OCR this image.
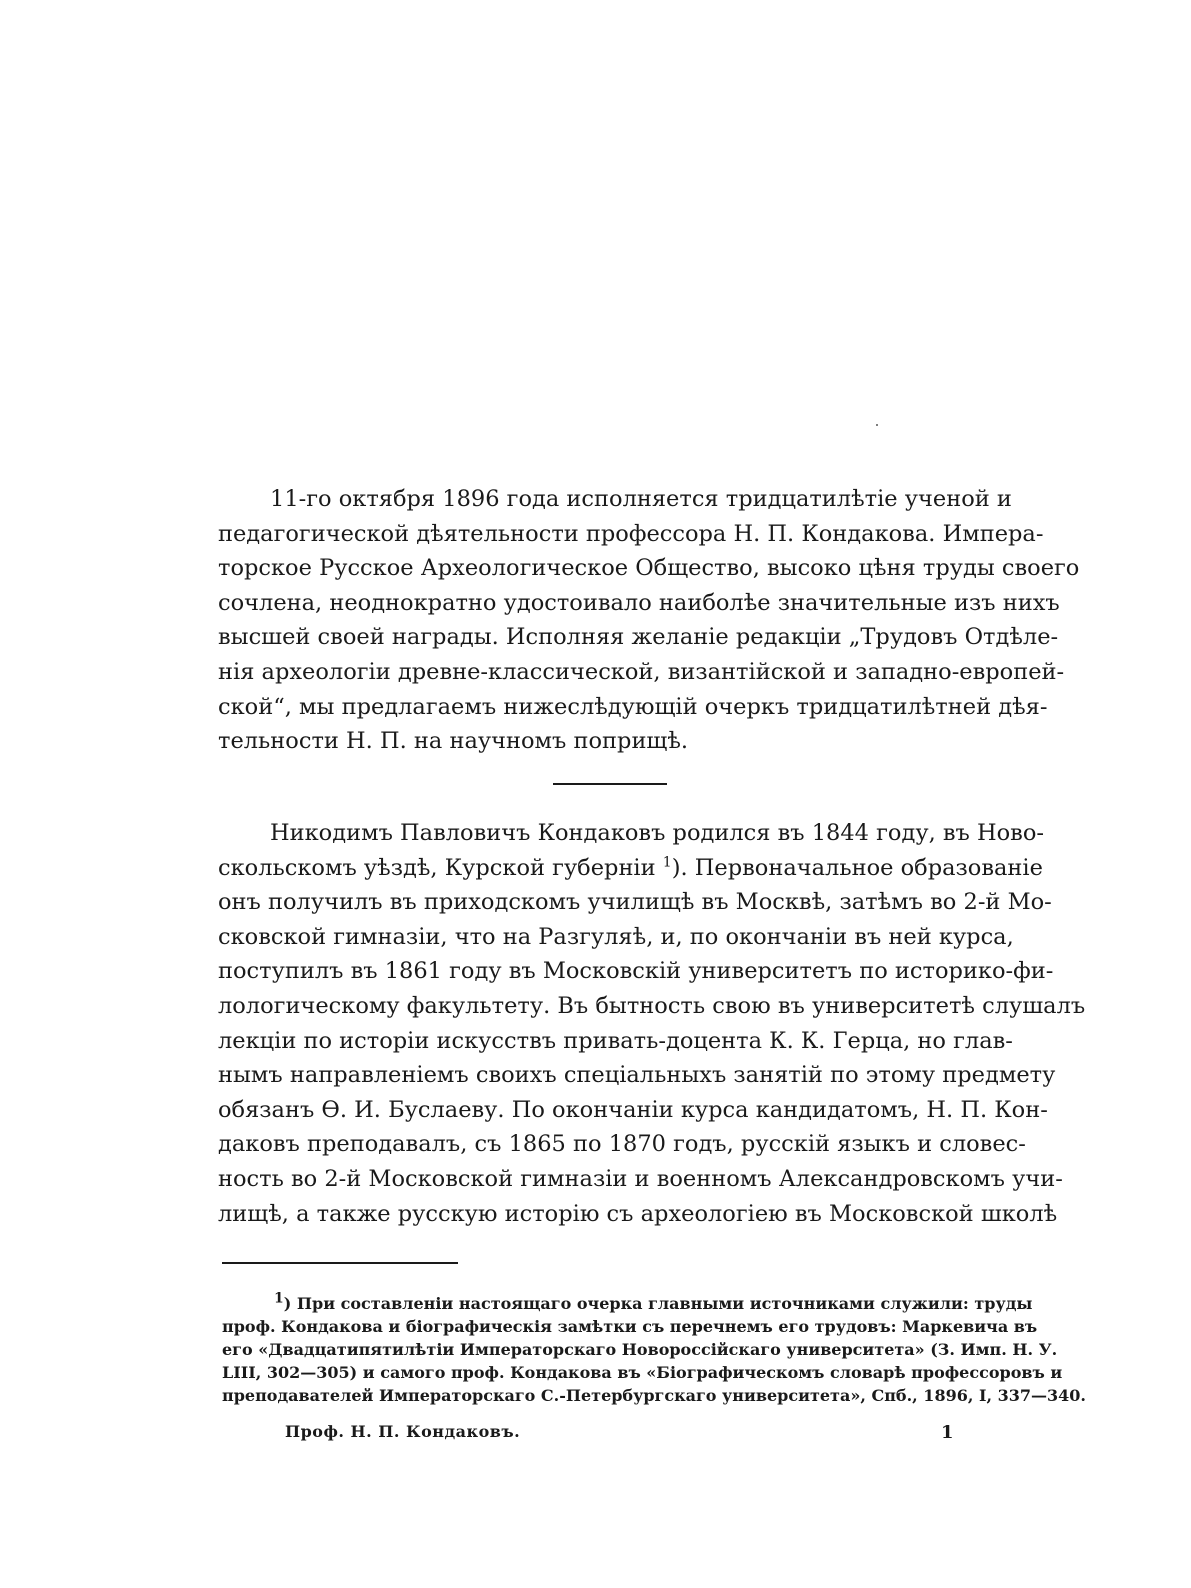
11-го октября 1896 года исполняется тридцатилѣтіе ученой и
педагогической дѣятельности профессора Н. П. Кондакова. Импера-
торское Русское Археологическое Общество, высоко цѣня труды своего
сочлена, неоднократно удостоивало наиболѣе значительные изъ нихъ
высшей своей награды. Исполняя желаніе редакціи „Трудовъ Отдѣле-
нія археологіи древне-классической, византійской и западно-европей-
ской“, мы предлагаемъ нижеслѣдующій очеркъ тридцатилѣтней дѣя-
тельности Н. П. на научномъ поприщѣ.
Никодимъ Павловичъ Кондаковъ родился въ 1844 году, въ Ново-
скольскомъ уѣздѣ, Курской губерніи $^1$). Первоначальное образованіе
онъ получилъ въ приходскомъ училищѣ въ Москвѣ, затѣмъ во 2-й Мо-
сковской гимназіи, что на Разгуляѣ, и, по окончаніи въ ней курса,
поступилъ въ 1861 году въ Московскій университетъ по историко-фи-
лологическому факультету. Въ бытность свою въ университетѣ слушалъ
лекціи по исторіи искусствъ привать-доцента К. К. Герца, но глав-
нымъ направленіемъ своихъ спеціальныхъ занятій по этому предмету
обязанъ Ѳ. И. Буслаеву. По окончаніи курса кандидатомъ, Н. П. Кон-
даковъ преподавалъ, съ 1865 по 1870 годъ, русскій языкъ и словес-
ность во 2-й Московской гимназіи и военномъ Александровскомъ учи-
лищѣ, а также русскую исторію съ археологіею въ Московской школѣ
$^1$) При составленіи настоящаго очерка главными источниками служили: труды
проф. Кондакова и біографическія замѣтки съ перечнемъ его трудовъ: Маркевича въ
его «Двадцатипятилѣтіи Императорскаго Новороссійскаго университета» (З. Имп. Н. У.
LIII, 302—305) и самого проф. Кондакова въ «Біографическомъ словарѣ профессоровъ и
преподавателей Императорскаго С.-Петербургскаго университета», Спб., 1896, I, 337—340.
Проф. Н. П. Кондаковъ.	1
